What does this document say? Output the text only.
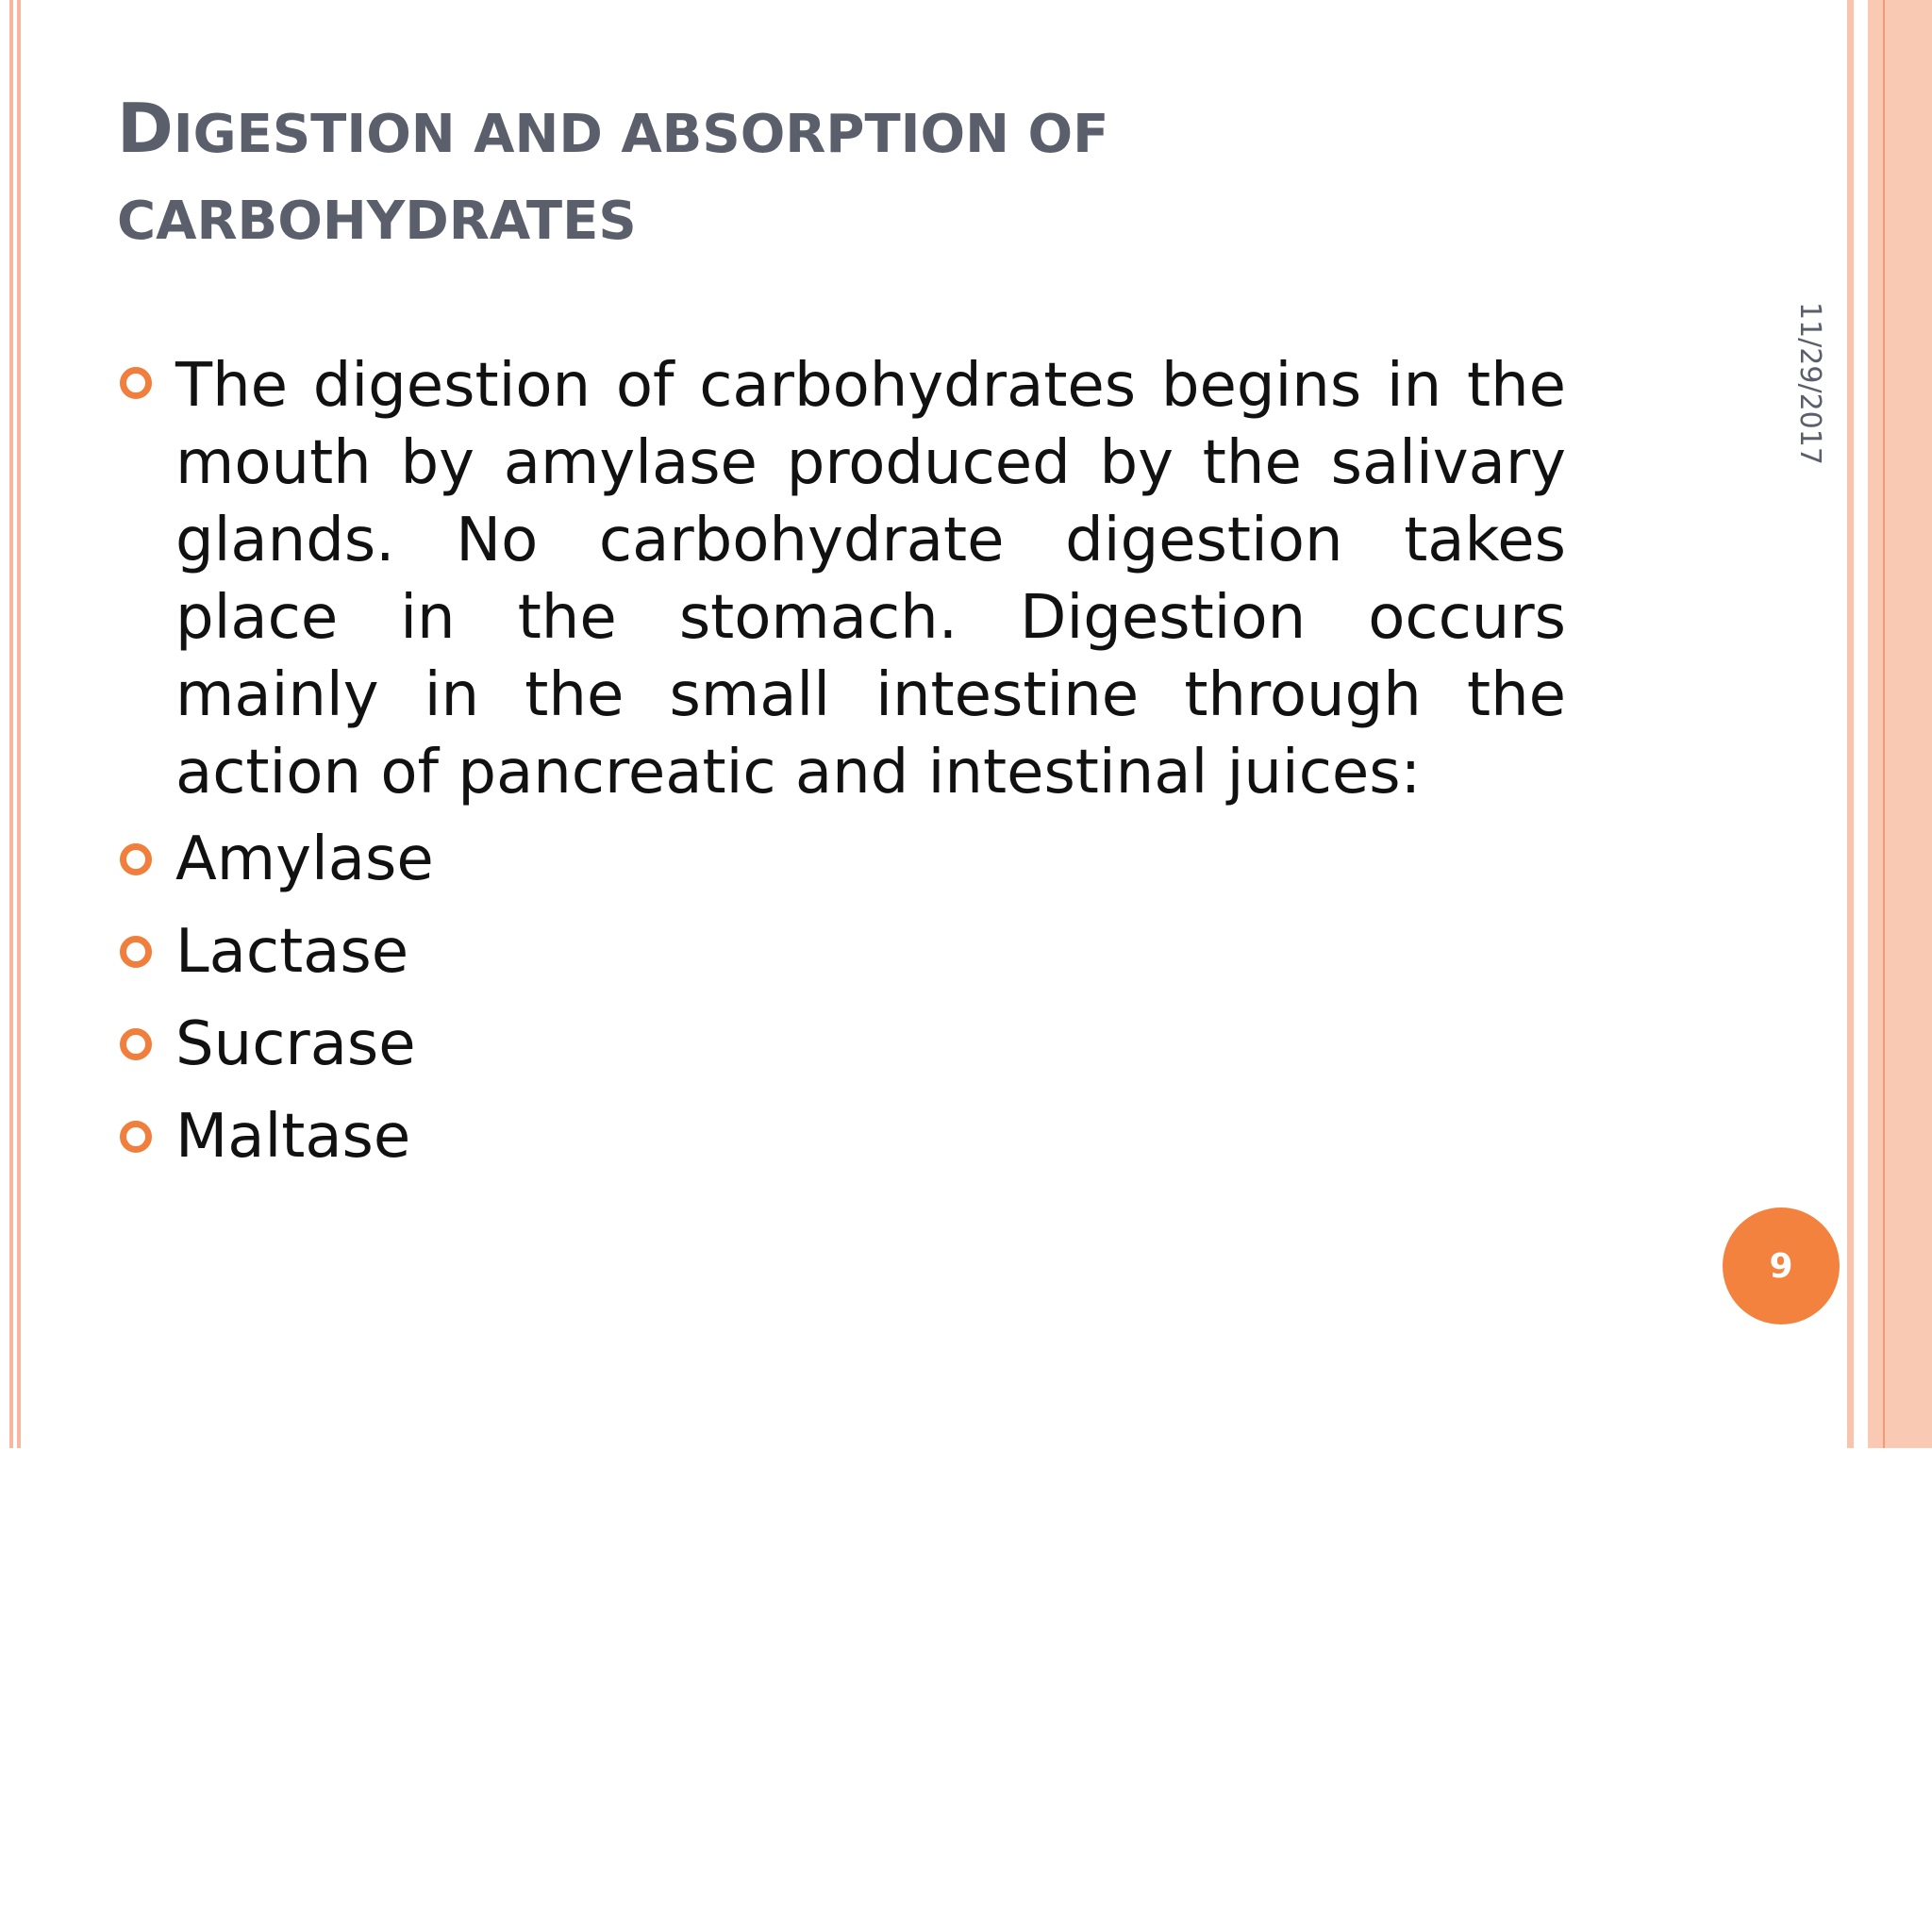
DIGESTION AND ABSORPTION OF CARBOHYDRATES
11/29/2017
The digestion of carbohydrates begins in the mouth by amylase produced by the salivary glands. No carbohydrate digestion takes place in the stomach. Digestion occurs mainly in the small intestine through the action of pancreatic and intestinal juices:
Amylase
Lactase
Sucrase
Maltase
9
